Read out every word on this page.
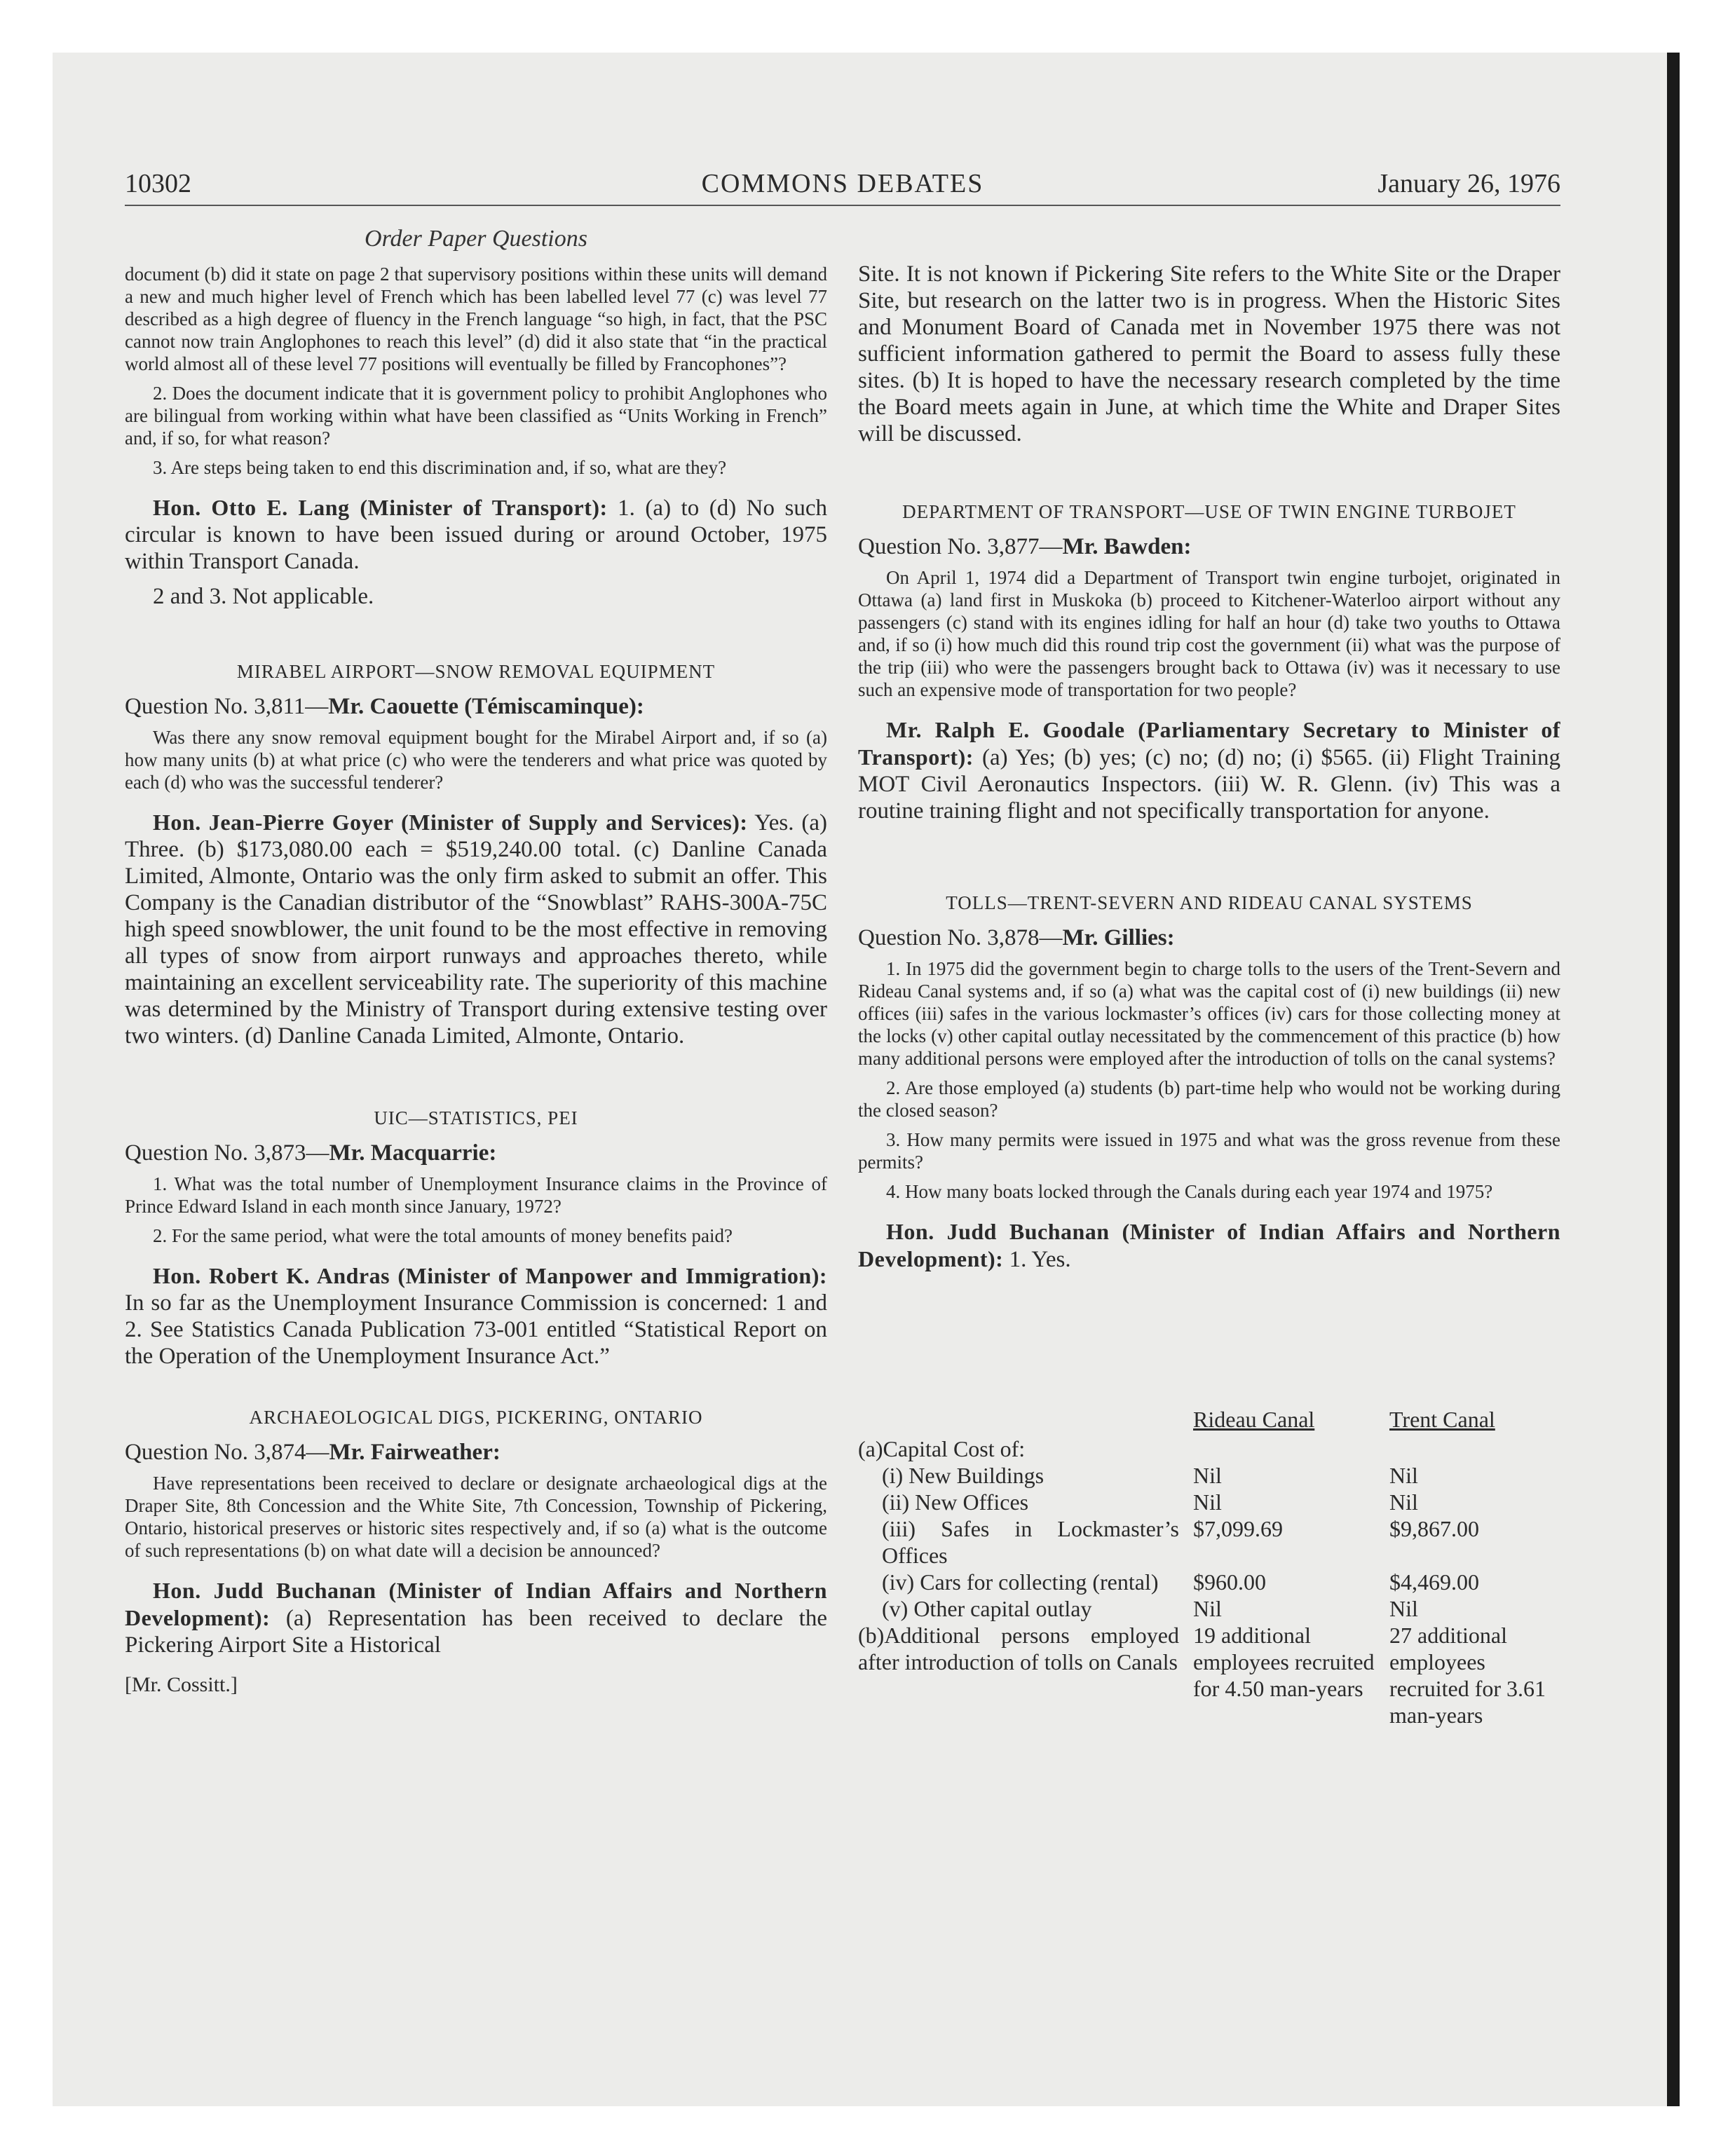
10302	COMMONS DEBATES	January 26, 1976
Order Paper Questions

document (b) did it state on page 2 that supervisory positions within these units will demand a new and much higher level of French which has been labelled level 77 (c) was level 77 described as a high degree of fluency in the French language “so high, in fact, that the PSC cannot now train Anglophones to reach this level” (d) did it also state that “in the practical world almost all of these level 77 positions will eventually be filled by Francophones”?

2. Does the document indicate that it is government policy to prohibit Anglophones who are bilingual from working within what have been classified as “Units Working in French” and, if so, for what reason?

3. Are steps being taken to end this discrimination and, if so, what are they?

Hon. Otto E. Lang (Minister of Transport): 1. (a) to (d) No such circular is known to have been issued during or around October, 1975 within Transport Canada.

2 and 3. Not applicable.

MIRABEL AIRPORT—SNOW REMOVAL EQUIPMENT

Question No. 3,811—Mr. Caouette (Témiscaminque):

Was there any snow removal equipment bought for the Mirabel Airport and, if so (a) how many units (b) at what price (c) who were the tenderers and what price was quoted by each (d) who was the successful tenderer?

Hon. Jean-Pierre Goyer (Minister of Supply and Services): Yes. (a) Three. (b) $173,080.00 each = $519,240.00 total. (c) Danline Canada Limited, Almonte, Ontario was the only firm asked to submit an offer. This Company is the Canadian distributor of the “Snowblast” RAHS-300A-75C high speed snowblower, the unit found to be the most effective in removing all types of snow from airport runways and approaches thereto, while maintaining an excellent serviceability rate. The superiority of this machine was determined by the Ministry of Transport during extensive testing over two winters. (d) Danline Canada Limited, Almonte, Ontario.

UIC—STATISTICS, PEI

Question No. 3,873—Mr. Macquarrie:

1. What was the total number of Unemployment Insurance claims in the Province of Prince Edward Island in each month since January, 1972?

2. For the same period, what were the total amounts of money benefits paid?

Hon. Robert K. Andras (Minister of Manpower and Immigration): In so far as the Unemployment Insurance Commission is concerned: 1 and 2. See Statistics Canada Publication 73-001 entitled “Statistical Report on the Operation of the Unemployment Insurance Act.”

ARCHAEOLOGICAL DIGS, PICKERING, ONTARIO

Question No. 3,874—Mr. Fairweather:

Have representations been received to declare or designate archaeological digs at the Draper Site, 8th Concession and the White Site, 7th Concession, Township of Pickering, Ontario, historical preserves or historic sites respectively and, if so (a) what is the outcome of such representations (b) on what date will a decision be announced?

Hon. Judd Buchanan (Minister of Indian Affairs and Northern Development): (a) Representation has been received to declare the Pickering Airport Site a Historical

[Mr. Cossitt.]

Site. It is not known if Pickering Site refers to the White Site or the Draper Site, but research on the latter two is in progress. When the Historic Sites and Monument Board of Canada met in November 1975 there was not sufficient information gathered to permit the Board to assess fully these sites. (b) It is hoped to have the necessary research completed by the time the Board meets again in June, at which time the White and Draper Sites will be discussed.

DEPARTMENT OF TRANSPORT—USE OF TWIN ENGINE TURBOJET

Question No. 3,877—Mr. Bawden:

On April 1, 1974 did a Department of Transport twin engine turbojet, originated in Ottawa (a) land first in Muskoka (b) proceed to Kitchener-Waterloo airport without any passengers (c) stand with its engines idling for half an hour (d) take two youths to Ottawa and, if so (i) how much did this round trip cost the government (ii) what was the purpose of the trip (iii) who were the passengers brought back to Ottawa (iv) was it necessary to use such an expensive mode of transportation for two people?

Mr. Ralph E. Goodale (Parliamentary Secretary to Minister of Transport): (a) Yes; (b) yes; (c) no; (d) no; (i) $565. (ii) Flight Training MOT Civil Aeronautics Inspectors. (iii) W. R. Glenn. (iv) This was a routine training flight and not specifically transportation for anyone.

TOLLS—TRENT-SEVERN AND RIDEAU CANAL SYSTEMS

Question No. 3,878—Mr. Gillies:

1. In 1975 did the government begin to charge tolls to the users of the Trent-Severn and Rideau Canal systems and, if so (a) what was the capital cost of (i) new buildings (ii) new offices (iii) safes in the various lockmaster’s offices (iv) cars for those collecting money at the locks (v) other capital outlay necessitated by the commencement of this practice (b) how many additional persons were employed after the introduction of tolls on the canal systems?

2. Are those employed (a) students (b) part-time help who would not be working during the closed season?

3. How many permits were issued in 1975 and what was the gross revenue from these permits?

4. How many boats locked through the Canals during each year 1974 and 1975?

Hon. Judd Buchanan (Minister of Indian Affairs and Northern Development): 1. Yes.

	Rideau Canal	Trent Canal
(a)Capital Cost of:		
(i) New Buildings	Nil	Nil
(ii) New Offices	Nil	Nil
(iii) Safes in Lockmaster’s Offices	$7,099.69	$9,867.00
(iv) Cars for collecting (rental)	$960.00	$4,469.00
(v) Other capital outlay	Nil	Nil
(b)Additional persons employed after introduction of tolls on Canals	19 additional employees recruited for 4.50 man-years	27 additional employees recruited for 3.61 man-years
